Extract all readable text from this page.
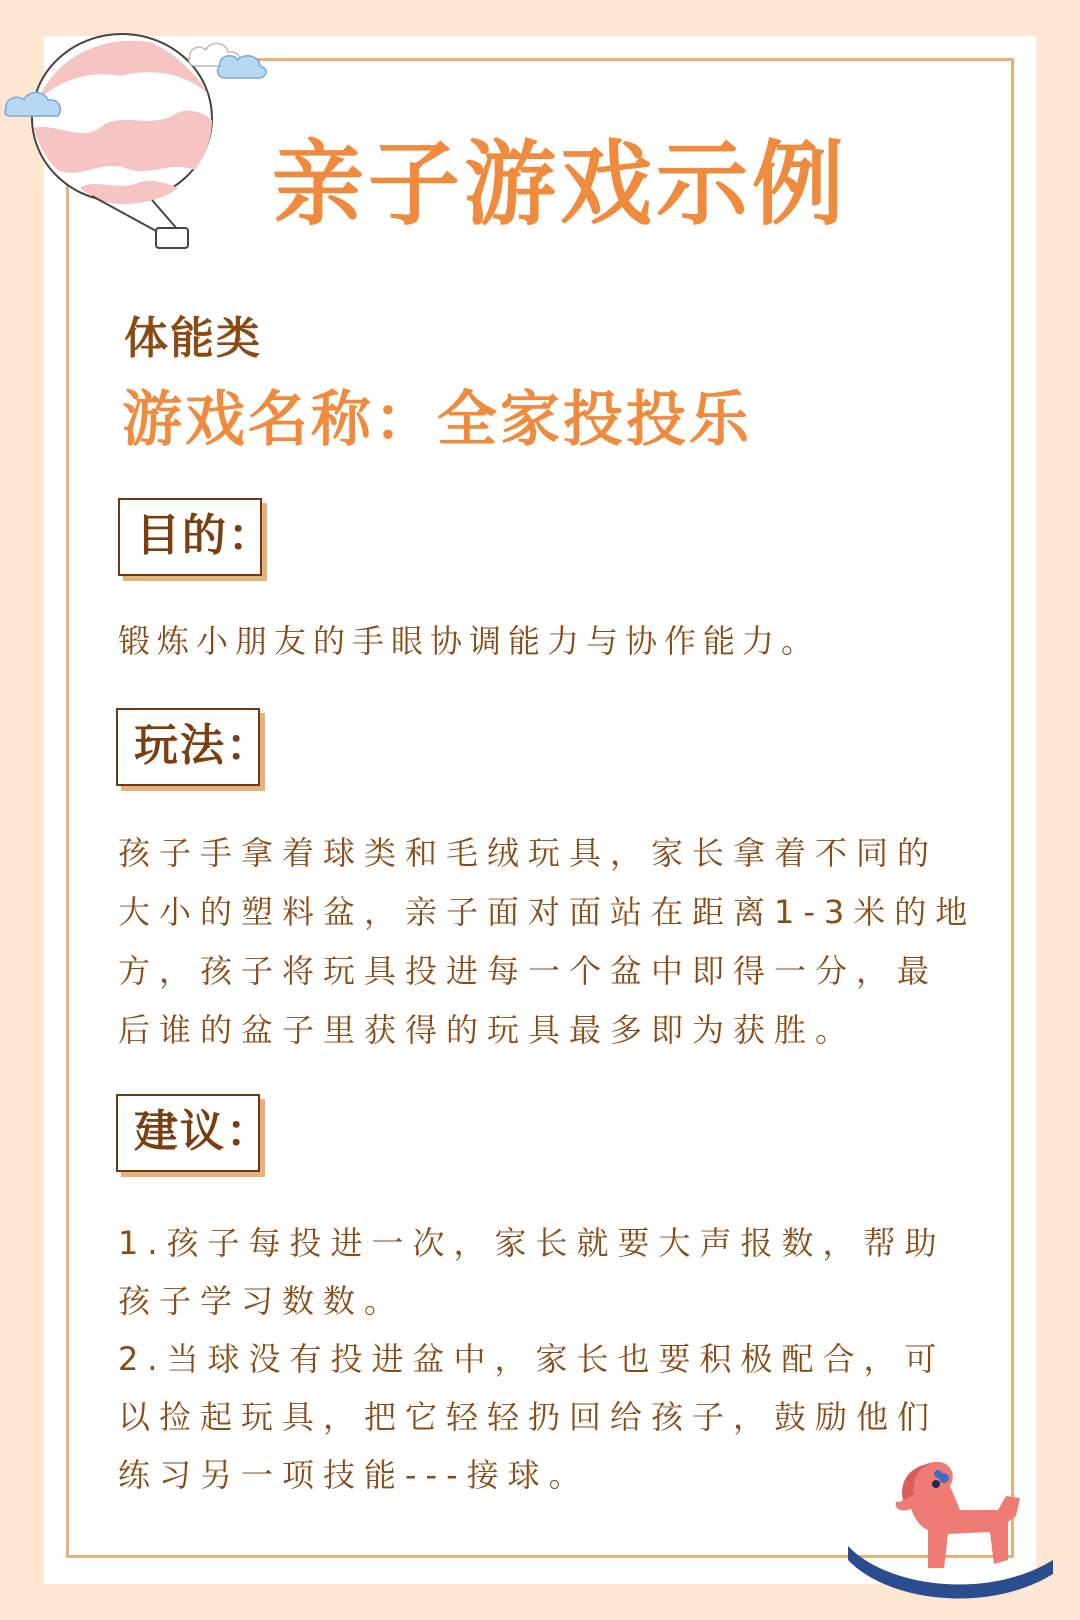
亲子游戏示例
体能类
游戏名称：全家投投乐
目的：
锻炼小朋友的手眼协调能力与协作能力。
玩法：
孩子手拿着球类和毛绒玩具，家长拿着不同的大小的塑料盆，亲子面对面站在距离1-3米的地方，孩子将玩具投进每一个盆中即得一分，最后谁的盆子里获得的玩具最多即为获胜。
建议：

1.孩子每投进一次，家长就要大声报数，帮助孩子学习数数。

2.当球没有投进盆中，家长也要积极配合，可以捡起玩具，把它轻轻扔回给孩子，鼓励他们练习另一项技能---接球。
